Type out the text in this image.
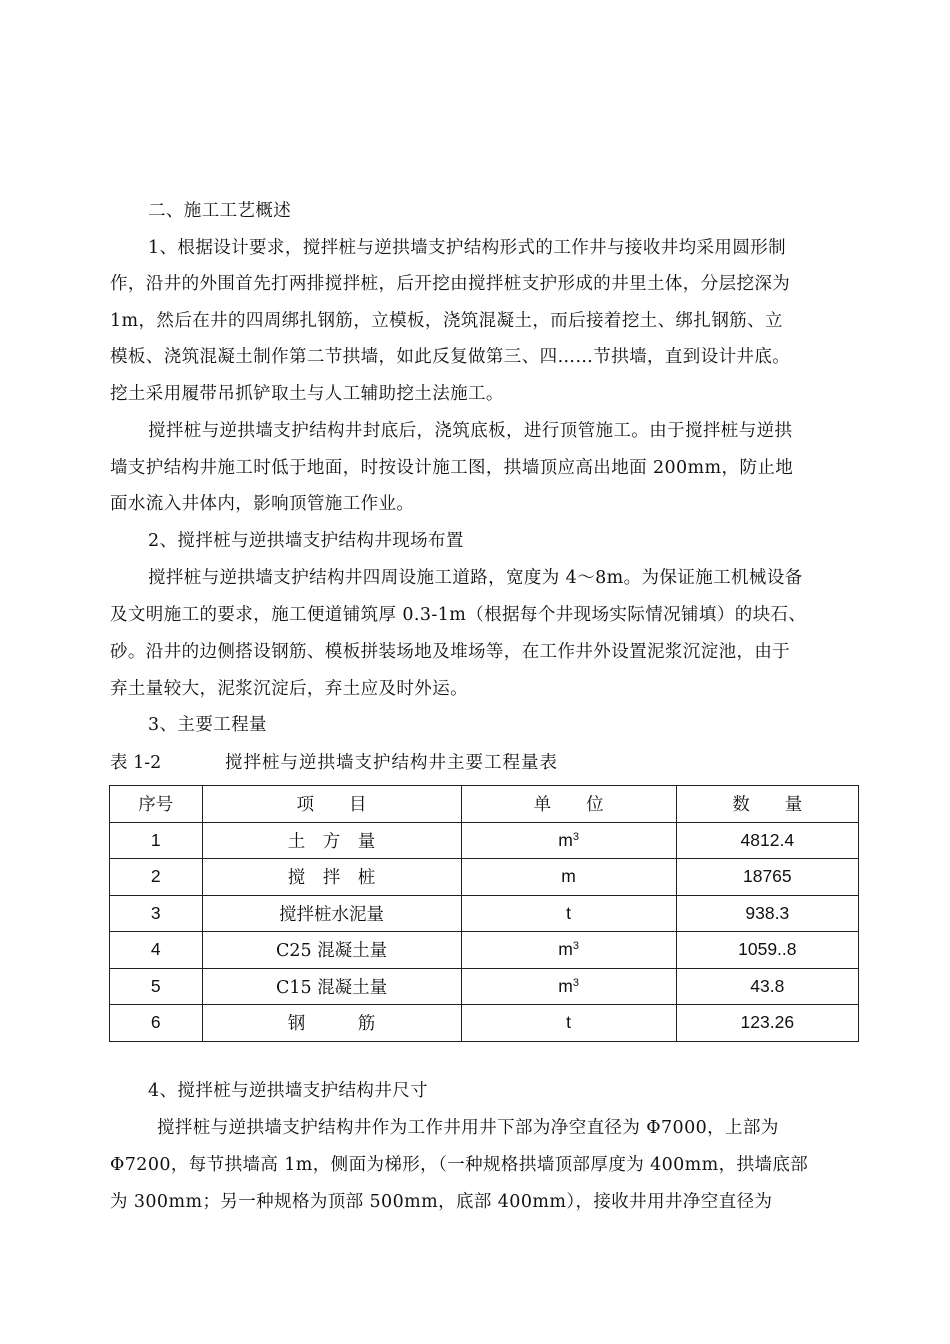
二、施工工艺概述
1、根据设计要求，搅拌桩与逆拱墙支护结构形式的工作井与接收井均采用圆形制
作，沿井的外围首先打两排搅拌桩，后开挖由搅拌桩支护形成的井里土体，分层挖深为
1m，然后在井的四周绑扎钢筋，立模板，浇筑混凝土，而后接着挖土、绑扎钢筋、立
模板、浇筑混凝土制作第二节拱墙，如此反复做第三、四……节拱墙，直到设计井底。
挖土采用履带吊抓铲取土与人工辅助挖土法施工。
搅拌桩与逆拱墙支护结构井封底后，浇筑底板，进行顶管施工。由于搅拌桩与逆拱
墙支护结构井施工时低于地面，时按设计施工图，拱墙顶应高出地面 200mm，防止地
面水流入井体内，影响顶管施工作业。
2、搅拌桩与逆拱墙支护结构井现场布置
搅拌桩与逆拱墙支护结构井四周设施工道路，宽度为 4～8m。为保证施工机械设备
及文明施工的要求，施工便道铺筑厚 0.3-1m（根据每个井现场实际情况铺填）的块石、
砂。沿井的边侧搭设钢筋、模板拼装场地及堆场等，在工作井外设置泥浆沉淀池，由于
弃土量较大，泥浆沉淀后，弃土应及时外运。
3、主要工程量
表 1-2	搅拌桩与逆拱墙支护结构井主要工程量表
序号	项　　目	单　　位	数　　量
1	土　方　量	$m^3$	4812.4
2	搅　拌　桩	m	18765
3	搅拌桩水泥量	t	938.3
4	C25 混凝土量	$m^3$	1059..8
5	C15 混凝土量	$m^3$	43.8
6	钢　　　筋	t	123.26
4、搅拌桩与逆拱墙支护结构井尺寸
搅拌桩与逆拱墙支护结构井作为工作井用井下部为净空直径为 Φ7000，上部为
Φ7200，每节拱墙高 1m，侧面为梯形，（一种规格拱墙顶部厚度为 400mm，拱墙底部
为 300mm；另一种规格为顶部 500mm，底部 400mm），接收井用井净空直径为
